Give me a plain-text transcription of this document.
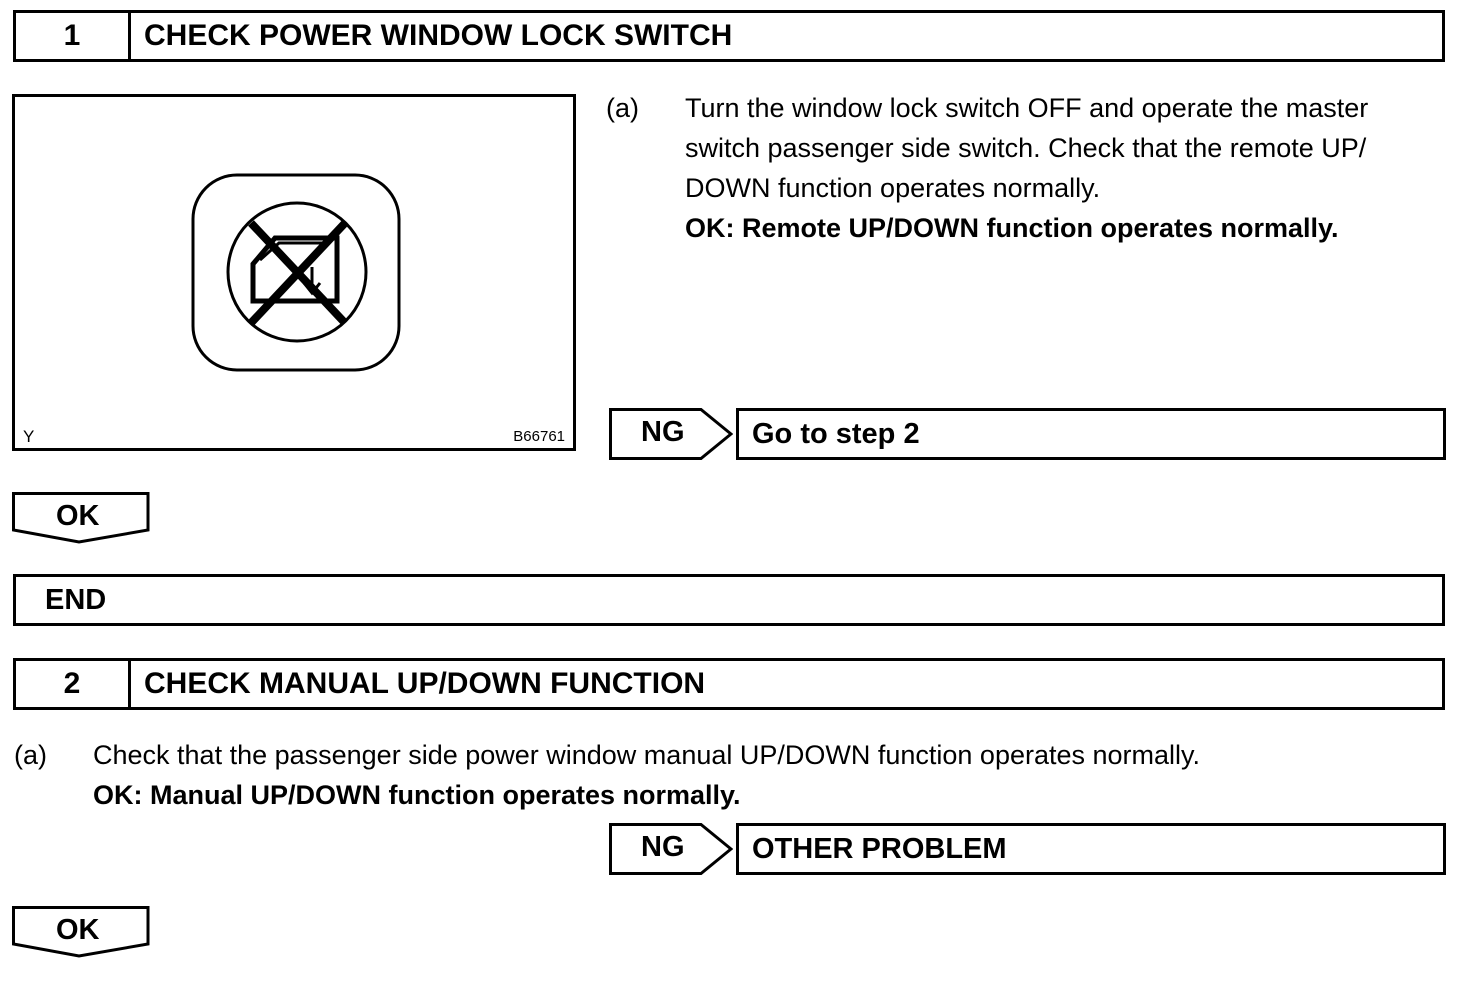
1	CHECK POWER WINDOW LOCK SWITCH
Y	B66761
(a) Turn the window lock switch OFF and operate the master
switch passenger side switch. Check that the remote UP/
DOWN function operates normally.
OK: Remote UP/DOWN function operates normally.
NG	Go to step 2
OK
END
2	CHECK MANUAL UP/DOWN FUNCTION
(a) Check that the passenger side power window manual UP/DOWN function operates normally.
OK: Manual UP/DOWN function operates normally.
NG	OTHER PROBLEM
OK
